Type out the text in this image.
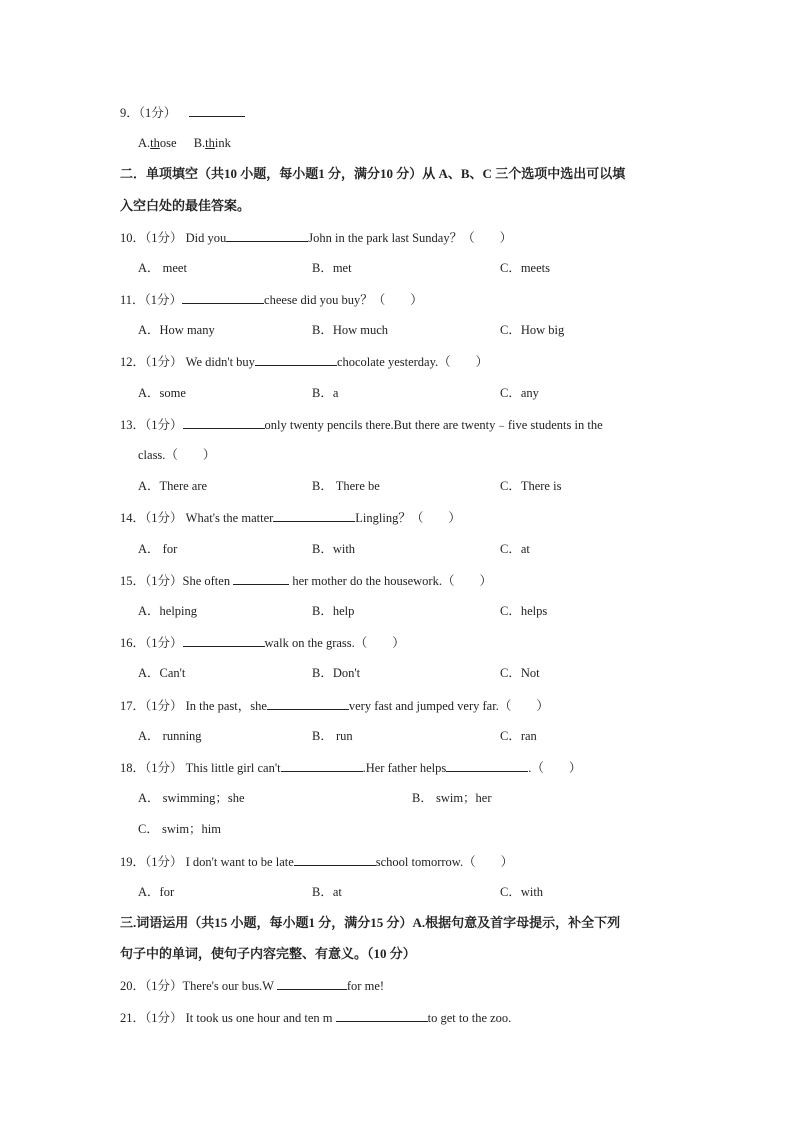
9．（1分）
A.those B.think
二．单项填空（共10 小题，每小题1 分，满分10 分）从 A、B、C 三个选项中选出可以填
入空白处的最佳答案。
10．（1分） Did you	John in the park last Sunday？（　　）
A． meet	B．met	C．meets
11．（1分）	cheese did you buy？（　　）
A．How many	B．How much	C．How big
12．（1分） We didn't buy	chocolate yesterday.（　　）
A．some	B．a	C．any
13．（1分）	only twenty pencils there.But there are twenty﹣five students in the
class.（　　）
A．There are	B． There be	C．There is
14．（1分） What's the matter	Lingling？（　　）
A． for	B．with	C．at
15．（1分）She often	her mother do the housework.（　　）
A．helping	B．help	C．helps
16．（1分）	walk on the grass.（　　）
A．Can't	B．Don't	C．Not
17．（1分） In the past，she	very fast and jumped very far.（　　）
A． running	B． run	C．ran
18．（1分） This little girl can't	.Her father helps	.（　　）
A． swimming；she	B． swim；her
C． swim；him
19．（1分） I don't want to be late	school tomorrow.（　　）
A．for	B．at	C．with
三.词语运用（共15 小题，每小题1 分，满分15 分）A.根据句意及首字母提示，补全下列
句子中的单词，使句子内容完整、有意义。（10 分）
20．（1分）There's our bus.W	for me!
21．（1分） It took us one hour and ten m	to get to the zoo.
